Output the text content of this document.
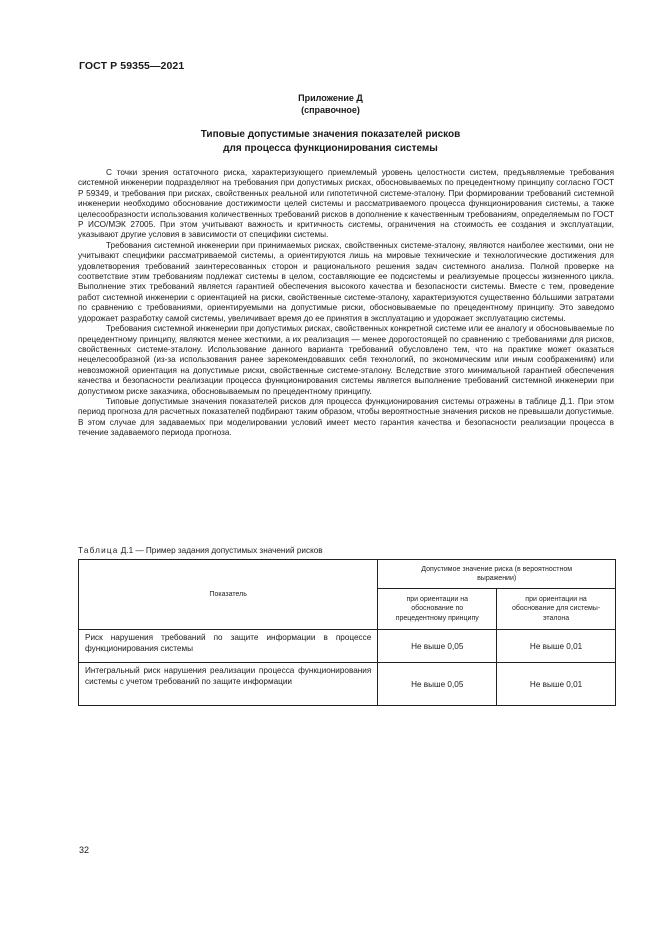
ГОСТ Р 59355—2021
Приложение Д
(справочное)
Типовые допустимые значения показателей рисков
для процесса функционирования системы

С точки зрения остаточного риска, характеризующего приемлемый уровень целостности систем, предъявляемые требования системной инженерии подразделяют на требования при допустимых рисках, обосновываемых по прецедентному принципу согласно ГОСТ Р 59349, и требования при рисках, свойственных реальной или гипотетичной системе-эталону. При формировании требований системной инженерии необходимо обоснование достижимости целей системы и рассматриваемого процесса функционирования системы, а также целесообразности использования количественных требований рисков в дополнение к качественным требованиям, определяемым по ГОСТ Р ИСО/МЭК 27005. При этом учитывают важность и критичность системы, ограничения на стоимость ее создания и эксплуатации, указывают другие условия в зависимости от специфики системы.

Требования системной инженерии при принимаемых рисках, свойственных системе-эталону, являются наиболее жесткими, они не учитывают специфики рассматриваемой системы, а ориентируются лишь на мировые технические и технологические достижения для удовлетворения требований заинтересованных сторон и рационального решения задач системного анализа. Полной проверке на соответствие этим требованиям подлежат системы в целом, составляющие ее подсистемы и реализуемые процессы жизненного цикла. Выполнение этих требований является гарантией обеспечения высокого качества и безопасности системы. Вместе с тем, проведение работ системной инженерии с ориентацией на риски, свойственные системе-эталону, характеризуются существенно бо́льшими затратами по сравнению с требованиями, ориентируемыми на допустимые риски, обосновываемые по прецедентному принципу. Это заведомо удорожает разработку самой системы, увеличивает время до ее принятия в эксплуатацию и удорожает эксплуатацию системы.

Требования системной инженерии при допустимых рисках, свойственных конкретной системе или ее аналогу и обосновываемые по прецедентному принципу, являются менее жесткими, а их реализация — менее дорогостоящей по сравнению с требованиями для рисков, свойственных системе-эталону. Использование данного варианта требований обусловлено тем, что на практике может оказаться нецелесообразной (из-за использования ранее зарекомендовавших себя технологий, по экономическим или иным соображениям) или невозможной ориентация на допустимые риски, свойственные системе-эталону. Вследствие этого минимальной гарантией обеспечения качества и безопасности реализации процесса функционирования системы является выполнение требований системной инженерии при допустимом риске заказчика, обосновываемым по прецедентному принципу.

Типовые допустимые значения показателей рисков для процесса функционирования системы отражены в таблице Д.1. При этом период прогноза для расчетных показателей подбирают таким образом, чтобы вероятностные значения рисков не превышали допустимые. В этом случае для задаваемых при моделировании условий имеет место гарантия качества и безопасности реализации процесса в течение задаваемого периода прогноза.

Таблица Д.1 — Пример задания допустимых значений рисков
Показатель	Допустимое значение риска (в вероятностном выражении)	
	при ориентации на обоснование по прецедентному принципу	при ориентации на обоснование для системы-эталона
Риск нарушения требований по защите информации в процессе функционирования системы	Не выше 0,05	Не выше 0,01
Интегральный риск нарушения реализации процесса функционирования системы с учетом требований по защите информации	Не выше 0,05	Не выше 0,01
32
